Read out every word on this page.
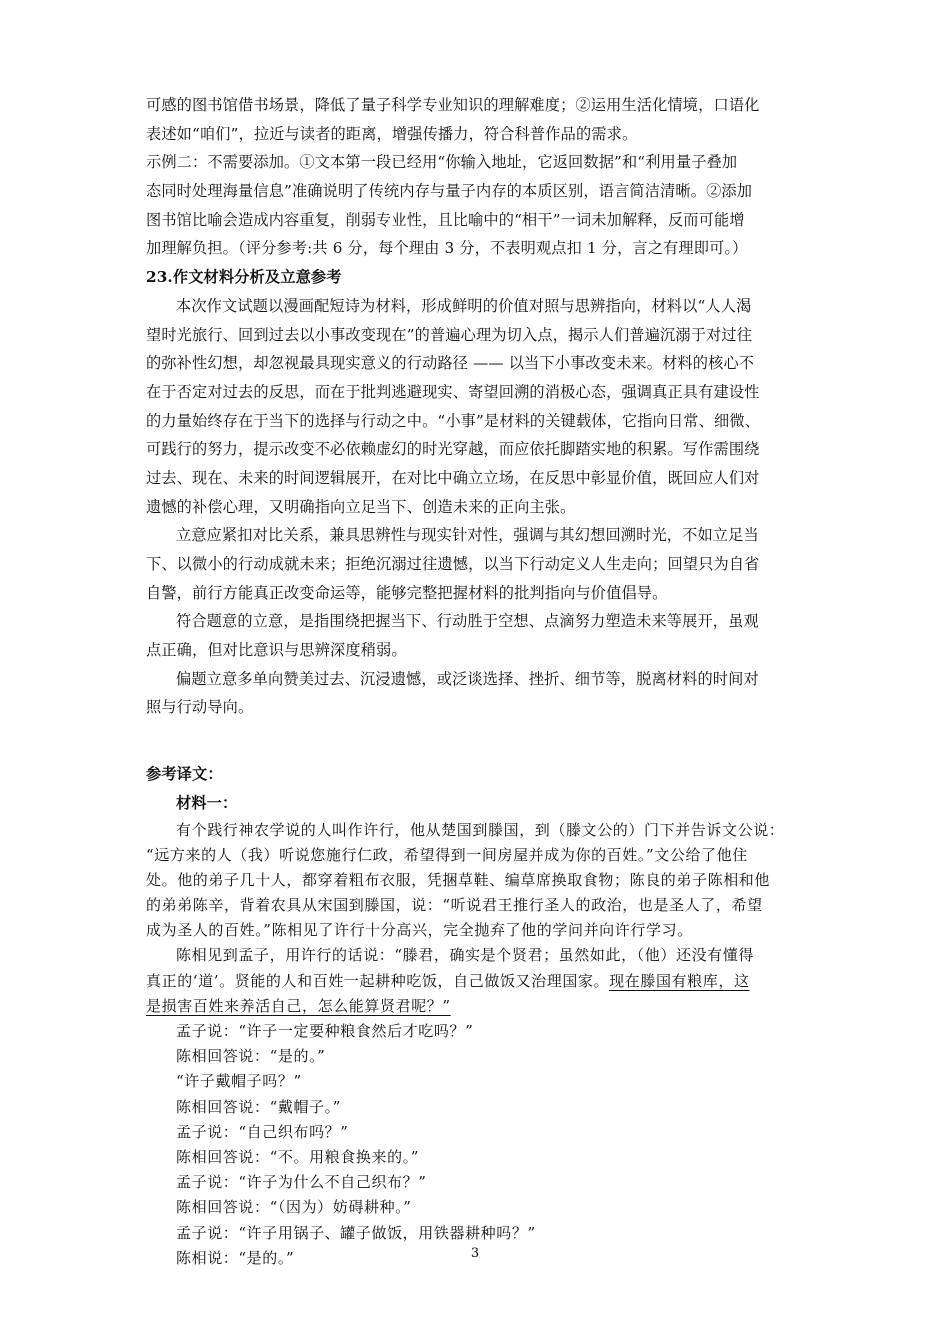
可感的图书馆借书场景，降低了量子科学专业知识的理解难度；②运用生活化情境，口语化
表述如“咱们”，拉近与读者的距离，增强传播力，符合科普作品的需求。
示例二：不需要添加。①文本第一段已经用“你输入地址，它返回数据”和“利用量子叠加
态同时处理海量信息”准确说明了传统内存与量子内存的本质区别，语言简洁清晰。②添加
图书馆比喻会造成内容重复，削弱专业性，且比喻中的“相干”一词未加解释，反而可能增
加理解负担。（评分参考:共 6 分，每个理由 3 分，不表明观点扣 1 分，言之有理即可。）
23.作文材料分析及立意参考
本次作文试题以漫画配短诗为材料，形成鲜明的价值对照与思辨指向，材料以“人人渴
望时光旅行、回到过去以小事改变现在”的普遍心理为切入点，揭示人们普遍沉溺于对过往
的弥补性幻想，却忽视最具现实意义的行动路径 —— 以当下小事改变未来。材料的核心不
在于否定对过去的反思，而在于批判逃避现实、寄望回溯的消极心态，强调真正具有建设性
的力量始终存在于当下的选择与行动之中。“小事”是材料的关键载体，它指向日常、细微、
可践行的努力，提示改变不必依赖虚幻的时光穿越，而应依托脚踏实地的积累。写作需围绕
过去、现在、未来的时间逻辑展开，在对比中确立立场，在反思中彰显价值，既回应人们对
遗憾的补偿心理，又明确指向立足当下、创造未来的正向主张。
立意应紧扣对比关系，兼具思辨性与现实针对性，强调与其幻想回溯时光，不如立足当
下、以微小的行动成就未来；拒绝沉溺过往遗憾，以当下行动定义人生走向；回望只为自省
自警，前行方能真正改变命运等，能够完整把握材料的批判指向与价值倡导。
符合题意的立意，是指围绕把握当下、行动胜于空想、点滴努力塑造未来等展开，虽观
点正确，但对比意识与思辨深度稍弱。
偏题立意多单向赞美过去、沉浸遗憾，或泛谈选择、挫折、细节等，脱离材料的时间对
照与行动导向。
参考译文：
材料一：
有个践行神农学说的人叫作许行，他从楚国到滕国，到（滕文公的）门下并告诉文公说：
“远方来的人（我）听说您施行仁政，希望得到一间房屋并成为你的百姓。”文公给了他住
处。他的弟子几十人，都穿着粗布衣服，凭捆草鞋、编草席换取食物；陈良的弟子陈相和他
的弟弟陈辛，背着农具从宋国到滕国，说：“听说君王推行圣人的政治，也是圣人了，希望
成为圣人的百姓。”陈相见了许行十分高兴，完全抛弃了他的学问并向许行学习。
陈相见到孟子，用许行的话说：“滕君，确实是个贤君；虽然如此，（他）还没有懂得
真正的‘道’。贤能的人和百姓一起耕种吃饭，自己做饭又治理国家。现在滕国有粮库，这
是损害百姓来养活自己，怎么能算贤君呢？”
孟子说：“许子一定要种粮食然后才吃吗？”
陈相回答说：“是的。”
“许子戴帽子吗？”
陈相回答说：“戴帽子。”
孟子说：“自己织布吗？”
陈相回答说：“不。用粮食换来的。”
孟子说：“许子为什么不自己织布？”
陈相回答说：“（因为）妨碍耕种。”
孟子说：“许子用锅子、罐子做饭，用铁器耕种吗？”
陈相说：“是的。”	3
